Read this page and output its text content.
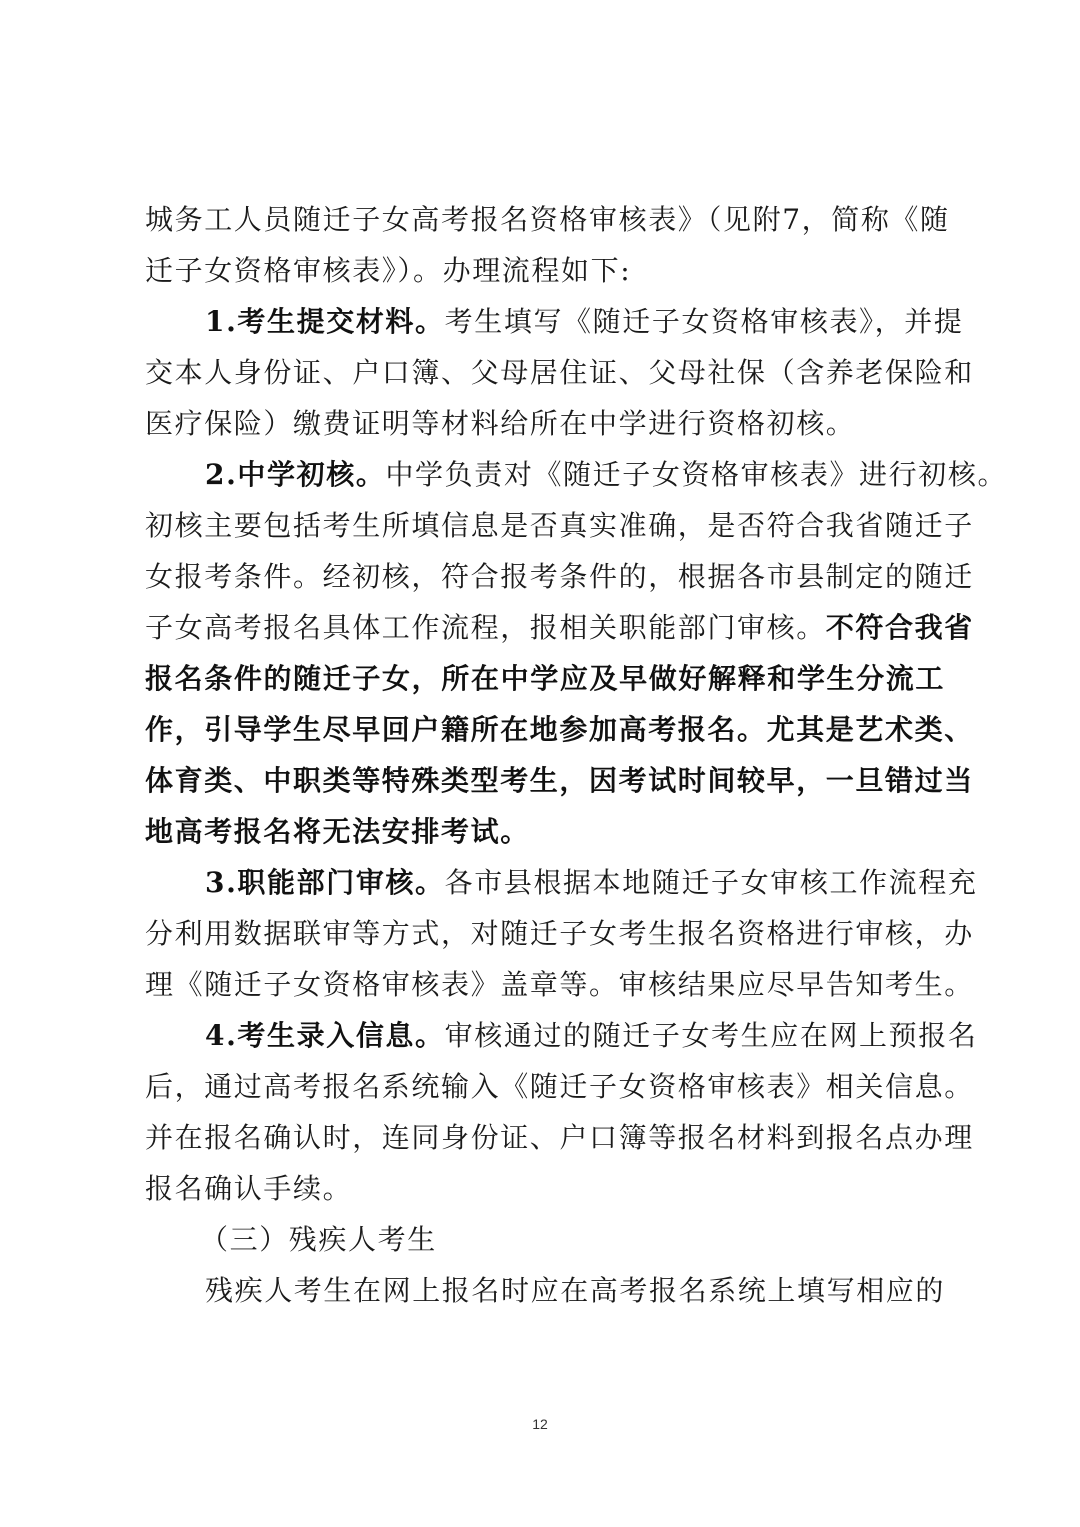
城务工人员随迁子女高考报名资格审核表》（见附7，简称《随
迁子女资格审核表》）。办理流程如下:
1.考生提交材料。考生填写《随迁子女资格审核表》，并提
交本人身份证、户口簿、父母居住证、父母社保（含养老保险和
医疗保险）缴费证明等材料给所在中学进行资格初核。
2.中学初核。中学负责对《随迁子女资格审核表》进行初核。
初核主要包括考生所填信息是否真实准确，是否符合我省随迁子
女报考条件。经初核，符合报考条件的，根据各市县制定的随迁
子女高考报名具体工作流程，报相关职能部门审核。不符合我省
报名条件的随迁子女，所在中学应及早做好解释和学生分流工
作，引导学生尽早回户籍所在地参加高考报名。尤其是艺术类、
体育类、中职类等特殊类型考生，因考试时间较早，一旦错过当
地高考报名将无法安排考试。
3.职能部门审核。各市县根据本地随迁子女审核工作流程充
分利用数据联审等方式，对随迁子女考生报名资格进行审核，办
理《随迁子女资格审核表》盖章等。审核结果应尽早告知考生。
4.考生录入信息。审核通过的随迁子女考生应在网上预报名
后，通过高考报名系统输入《随迁子女资格审核表》相关信息。
并在报名确认时，连同身份证、户口簿等报名材料到报名点办理
报名确认手续。
（三）残疾人考生
残疾人考生在网上报名时应在高考报名系统上填写相应的
12
